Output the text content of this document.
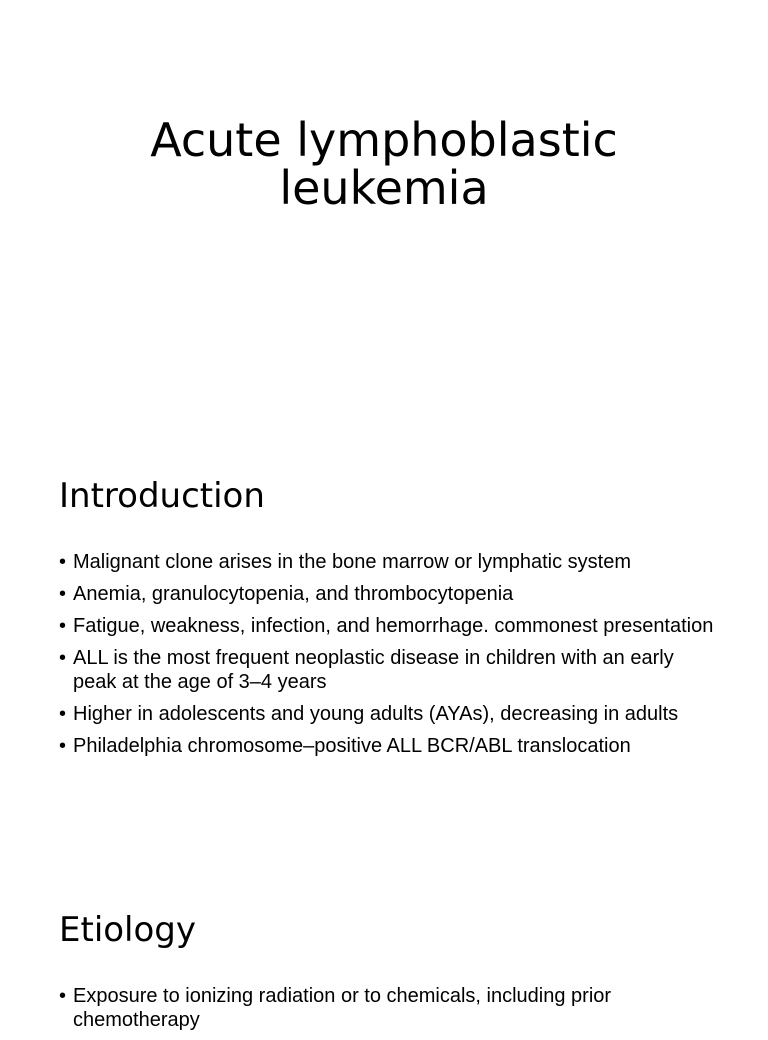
Acute lymphoblastic
leukemia
Introduction
• Malignant clone arises in the bone marrow or lymphatic system
• Anemia, granulocytopenia, and thrombocytopenia
• Fatigue, weakness, infection, and hemorrhage. commonest presentation
• ALL is the most frequent neoplastic disease in children with an early peak at the age of 3–4 years
• Higher in adolescents and young adults (AYAs), decreasing in adults
• Philadelphia chromosome–positive ALL BCR/ABL translocation
Etiology
• Exposure to ionizing radiation or to chemicals, including prior chemotherapy
